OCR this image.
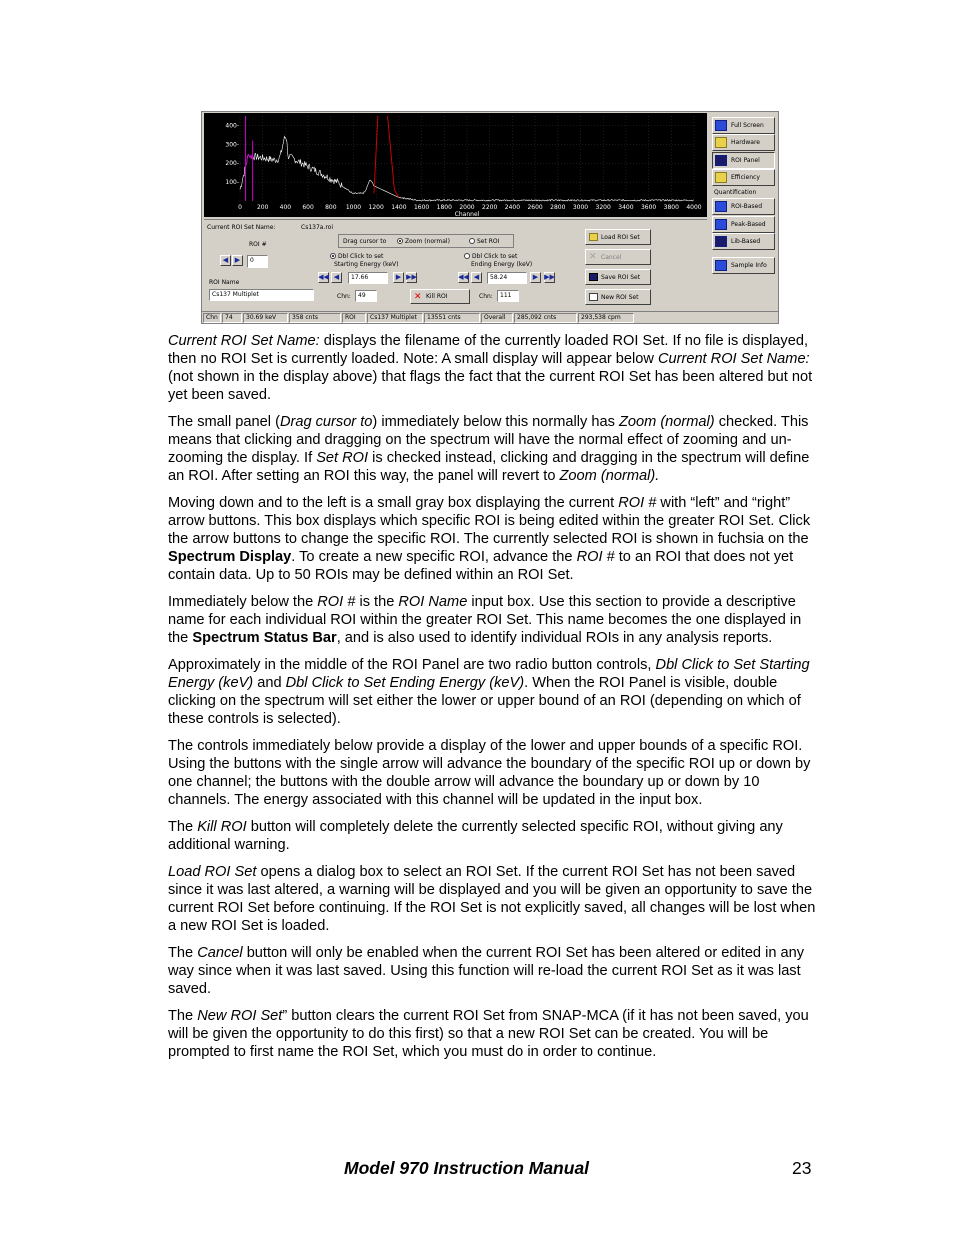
0	200 400 600 800 1000 1200 1400 1600 1800 2000 2200 2400 2600 2800 3000 3200 3400 3600 3800 4000
400-
300-
200-
100-
Channel
Full Screen
Hardware
ROI Panel
Efficiency
Quantification
ROI-Based
Peak-Based
Lib-Based
Sample Info
Current ROI Set Name:	Cs137a.roi
ROI #
◀ ▶	0
ROI Name
Cs137 Multiplet
Drag cursor to	Zoom (normal)	Set ROI
Dbl Click to set
Starting Energy (keV)
Dbl Click to set
Ending Energy (keV)
◀◀ ◀	17.66	▶ ▶▶	◀◀ ◀	58.24	▶ ▶▶
Chn:	49	✕ Kill ROI	Chn:	111
Load ROI Set
✕ Cancel
Save ROI Set
New ROI Set
Chn	74	30.69 keV	358 cnts	ROI	Cs137 Multiplet	13551 cnts	Overall	285,092 cnts	293,538 cpm

Current ROI Set Name: displays the filename of the currently loaded ROI Set. If no file is displayed, then no ROI Set is currently loaded. Note: A small display will appear below Current ROI Set Name: (not shown in the display above) that flags the fact that the current ROI Set has been altered but not yet been saved.

The small panel (Drag cursor to) immediately below this normally has Zoom (normal) checked. This means that clicking and dragging on the spectrum will have the normal effect of zooming and un-zooming the display. If Set ROI is checked instead, clicking and dragging in the spectrum will define an ROI. After setting an ROI this way, the panel will revert to Zoom (normal).

Moving down and to the left is a small gray box displaying the current ROI # with “left” and “right” arrow buttons. This box displays which specific ROI is being edited within the greater ROI Set. Click the arrow buttons to change the specific ROI. The currently selected ROI is shown in fuchsia on the Spectrum Display. To create a new specific ROI, advance the ROI # to an ROI that does not yet contain data. Up to 50 ROIs may be defined within an ROI Set.

Immediately below the ROI # is the ROI Name input box. Use this section to provide a descriptive name for each individual ROI within the greater ROI Set. This name becomes the one displayed in the Spectrum Status Bar, and is also used to identify individual ROIs in any analysis reports.

Approximately in the middle of the ROI Panel are two radio button controls, Dbl Click to Set Starting Energy (keV) and Dbl Click to Set Ending Energy (keV). When the ROI Panel is visible, double clicking on the spectrum will set either the lower or upper bound of an ROI (depending on which of these controls is selected).

The controls immediately below provide a display of the lower and upper bounds of a specific ROI. Using the buttons with the single arrow will advance the boundary of the specific ROI up or down by one channel; the buttons with the double arrow will advance the boundary up or down by 10 channels. The energy associated with this channel will be updated in the input box.

The Kill ROI button will completely delete the currently selected specific ROI, without giving any additional warning.

Load ROI Set opens a dialog box to select an ROI Set. If the current ROI Set has not been saved since it was last altered, a warning will be displayed and you will be given an opportunity to save the current ROI Set before continuing. If the ROI Set is not explicitly saved, all changes will be lost when a new ROI Set is loaded.

The Cancel button will only be enabled when the current ROI Set has been altered or edited in any way since when it was last saved. Using this function will re-load the current ROI Set as it was last saved.

The New ROI Set” button clears the current ROI Set from SNAP-MCA (if it has not been saved, you will be given the opportunity to do this first) so that a new ROI Set can be created. You will be prompted to first name the ROI Set, which you must do in order to continue.

Model 970 Instruction Manual	23
